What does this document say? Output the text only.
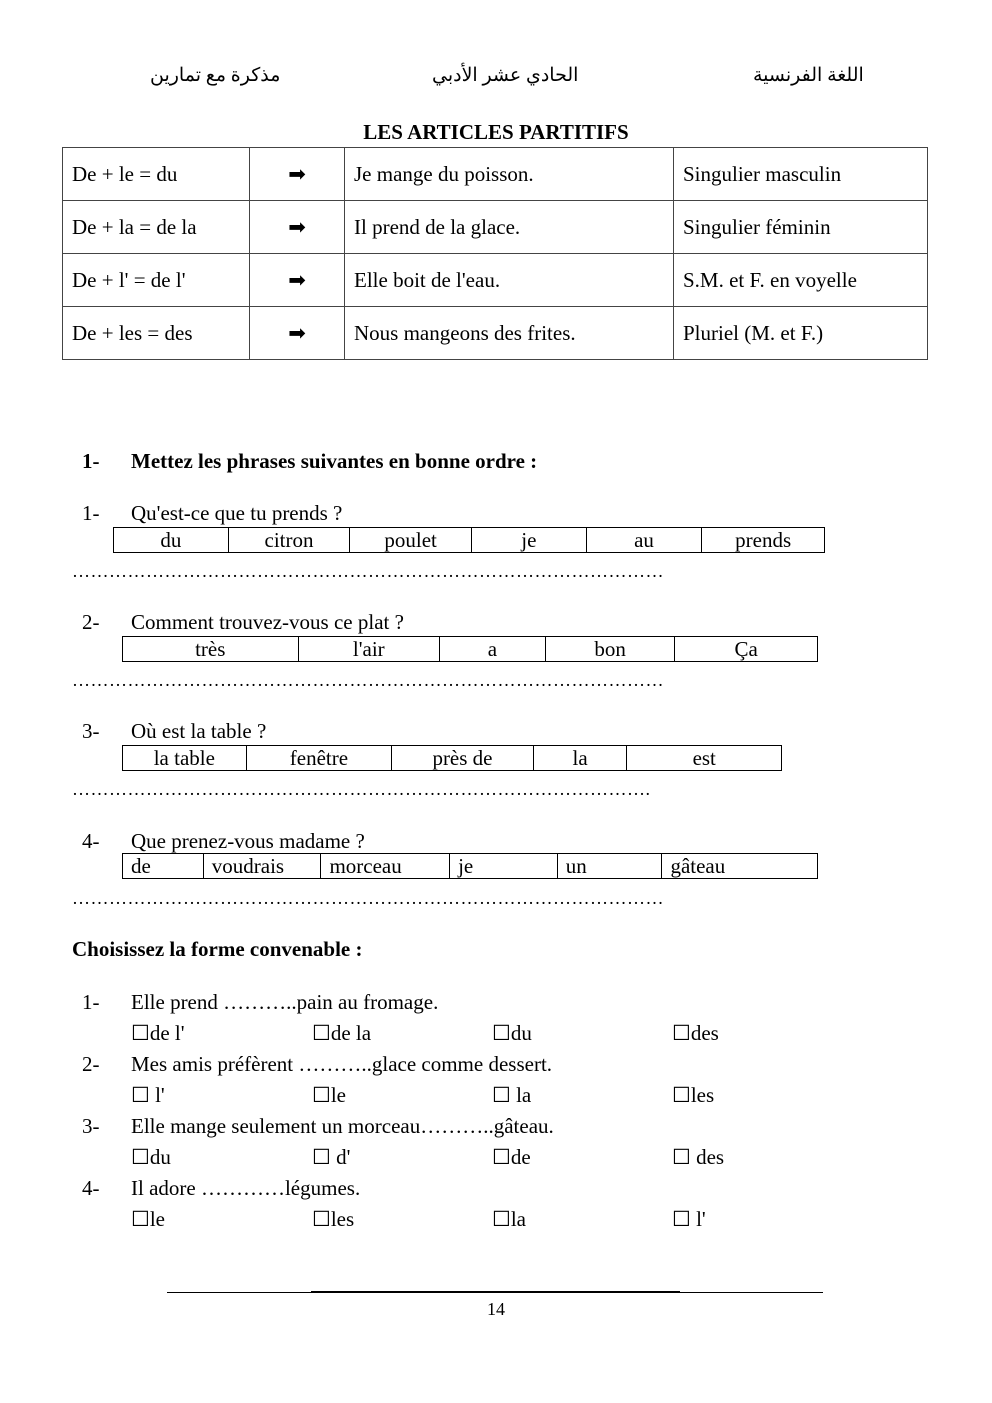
مذكرة مع تمارين	الحادي عشر الأدبي	اللغة الفرنسية
LES ARTICLES PARTITIFS
De + le = du	➡	Je mange du poisson.	Singulier masculin
De + la = de la	➡	Il prend de la glace.	Singulier féminin
De + l' = de l'	➡	Elle boit de l'eau.	S.M. et F. en voyelle
De + les = des	➡	Nous mangeons des frites.	Pluriel (M. et F.)
1- Mettez les phrases suivantes en bonne ordre :
1- Qu'est-ce que tu prends ?
du	citron	poulet	je	au	prends
……………………………………………………………………………………
2- Comment trouvez-vous ce plat ?
très	l'air	a	bon	Ça
……………………………………………………………………………………
3- Où est la table ?
la table	fenêtre	près de	la	est
………………………………………………………………………………….
4- Que prenez-vous madame ?
de	voudrais	morceau	je	un	gâteau
……………………………………………………………………………………
Choisissez la forme convenable :
1- Elle prend ………..pain au fromage.
☐de l'	☐de la	☐du	☐des
2- Mes amis préfèrent ………..glace comme dessert.
☐ l'	☐le	☐ la	☐les
3- Elle mange seulement un morceau………..gâteau.
☐du	☐ d'	☐de	☐ des
4- Il adore …………légumes.
☐le	☐les	☐la	☐ l'
14
